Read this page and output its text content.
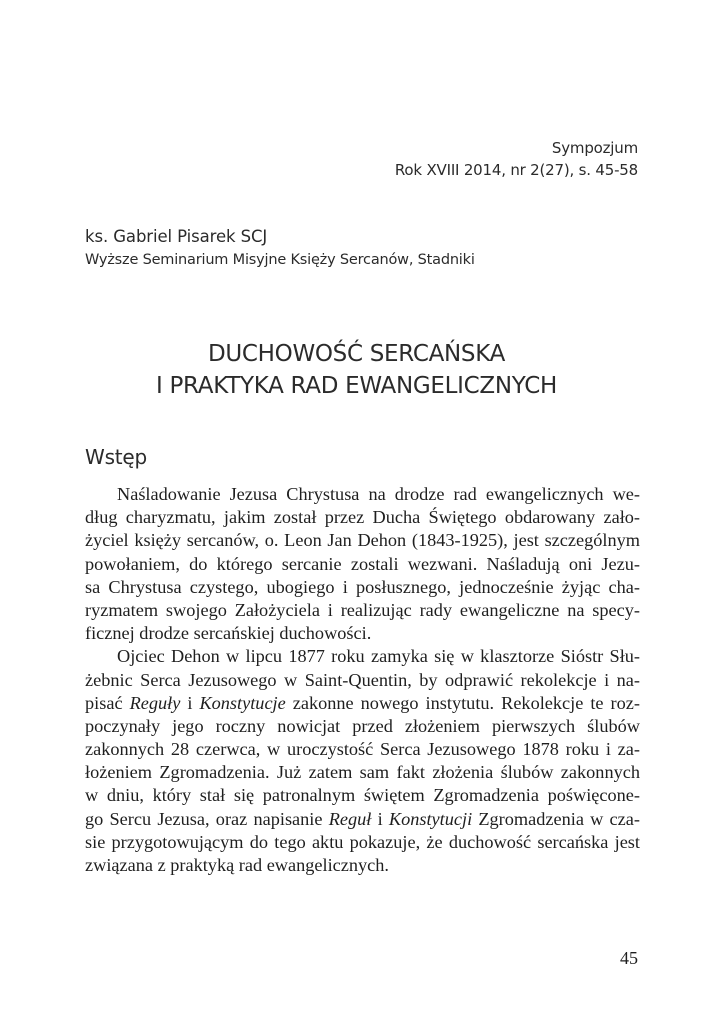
Sympozjum
Rok XVIII 2014, nr 2(27), s. 45-58
ks. Gabriel Pisarek SCJ
Wyższe Seminarium Misyjne Księży Sercanów, Stadniki
DUCHOWOŚĆ SERCAŃSKA
I PRAKTYKA RAD EWANGELICZNYCH
Wstęp
Naśladowanie Jezusa Chrystusa na drodze rad ewangelicznych we-
dług charyzmatu, jakim został przez Ducha Świętego obdarowany zało-
życiel księży sercanów, o. Leon Jan Dehon (1843-1925), jest szczególnym
powołaniem, do którego sercanie zostali wezwani. Naśladują oni Jezu-
sa Chrystusa czystego, ubogiego i posłusznego, jednocześnie żyjąc cha-
ryzmatem swojego Założyciela i realizując rady ewangeliczne na specy-
ficznej drodze sercańskiej duchowości.
Ojciec Dehon w lipcu 1877 roku zamyka się w klasztorze Sióstr Słu-
żebnic Serca Jezusowego w Saint-Quentin, by odprawić rekolekcje i na-
pisać Reguły i Konstytucje zakonne nowego instytutu. Rekolekcje te roz-
poczynały jego roczny nowicjat przed złożeniem pierwszych ślubów
zakonnych 28 czerwca, w uroczystość Serca Jezusowego 1878 roku i za-
łożeniem Zgromadzenia. Już zatem sam fakt złożenia ślubów zakonnych
w dniu, który stał się patronalnym świętem Zgromadzenia poświęcone-
go Sercu Jezusa, oraz napisanie Reguł i Konstytucji Zgromadzenia w cza-
sie przygotowującym do tego aktu pokazuje, że duchowość sercańska jest
związana z praktyką rad ewangelicznych.
45
